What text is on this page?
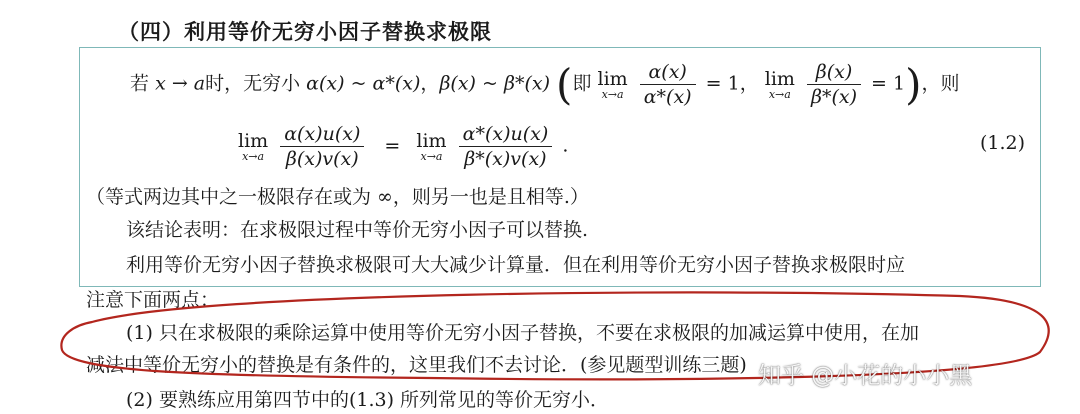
（四）利用等价无穷小因子替换求极限
若 x → a时，无穷小 α(x) ~ α*(x)，β(x) ~ β*(x) (即 lim
x→a
$\frac{\alpha(x)}{\alpha*(x)} = 1$， lim
x→a
$\frac{\beta(x)}{\beta*(x)} = 1$)，则
lim
x→a
$\frac{\alpha(x)u(x)}{\beta(x)v(x)} = \lim$
x→a
$\frac{\alpha*(x)u(x)}{\beta*(x)v(x)}$ .	(1.2)
（等式两边其中之一极限存在或为 ∞，则另一也是且相等.）
该结论表明：在求极限过程中等价无穷小因子可以替换.
利用等价无穷小因子替换求极限可大大减少计算量．但在利用等价无穷小因子替换求极限时应
注意下面两点：
(1) 只在求极限的乘除运算中使用等价无穷小因子替换，不要在求极限的加减运算中使用，在加
减法中等价无穷小的替换是有条件的，这里我们不去讨论．(参见题型训练三题)
(2) 要熟练应用第四节中的(1.3) 所列常见的等价无穷小．
知乎 @小花的小小黑
